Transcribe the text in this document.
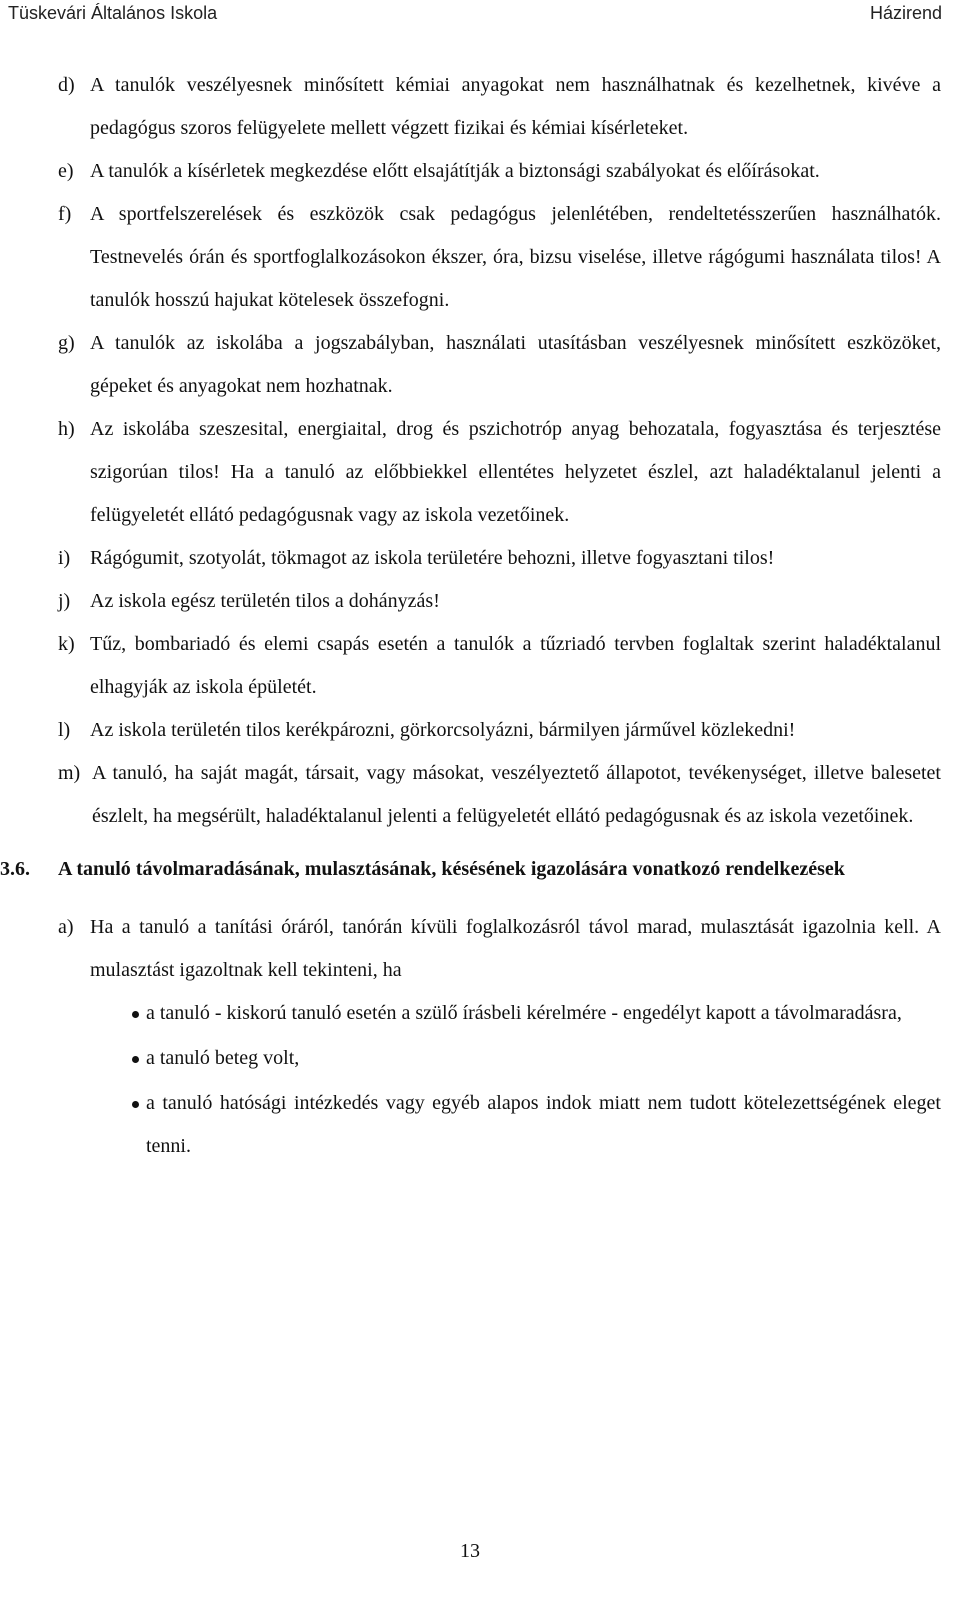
Tüskevári Általános Iskola	Házirend
d) A tanulók veszélyesnek minősített kémiai anyagokat nem használhatnak és kezelhetnek, kivéve a pedagógus szoros felügyelete mellett végzett fizikai és kémiai kísérleteket.
e) A tanulók a kísérletek megkezdése előtt elsajátítják a biztonsági szabályokat és előírásokat.
f) A sportfelszerelések és eszközök csak pedagógus jelenlétében, rendeltetésszerűen használhatók. Testnevelés órán és sportfoglalkozásokon ékszer, óra, bizsu viselése, illetve rágógumi használata tilos! A tanulók hosszú hajukat kötelesek összefogni.
g) A tanulók az iskolába a jogszabályban, használati utasításban veszélyesnek minősített eszközöket, gépeket és anyagokat nem hozhatnak.
h) Az iskolába szeszesital, energiaital, drog és pszichotróp anyag behozatala, fogyasztása és terjesztése szigorúan tilos! Ha a tanuló az előbbiekkel ellentétes helyzetet észlel, azt haladéktalanul jelenti a felügyeletét ellátó pedagógusnak vagy az iskola vezetőinek.
i) Rágógumit, szotyolát, tökmagot az iskola területére behozni, illetve fogyasztani tilos!
j) Az iskola egész területén tilos a dohányzás!
k) Tűz, bombariadó és elemi csapás esetén a tanulók a tűzriadó tervben foglaltak szerint haladéktalanul elhagyják az iskola épületét.
l) Az iskola területén tilos kerékpározni, görkorcsolyázni, bármilyen járművel közlekedni!
m) A tanuló, ha saját magát, társait, vagy másokat, veszélyeztető állapotot, tevékenységet, illetve balesetet észlelt, ha megsérült, haladéktalanul jelenti a felügyeletét ellátó pedagógusnak és az iskola vezetőinek.
3.6.	A tanuló távolmaradásának, mulasztásának, késésének igazolására vonatkozó rendelkezések
a) Ha a tanuló a tanítási óráról, tanórán kívüli foglalkozásról távol marad, mulasztását igazolnia kell. A mulasztást igazoltnak kell tekinteni, ha
a tanuló - kiskorú tanuló esetén a szülő írásbeli kérelmére - engedélyt kapott a távolmaradásra,
a tanuló beteg volt,
a tanuló hatósági intézkedés vagy egyéb alapos indok miatt nem tudott kötelezettségének eleget tenni.
13
